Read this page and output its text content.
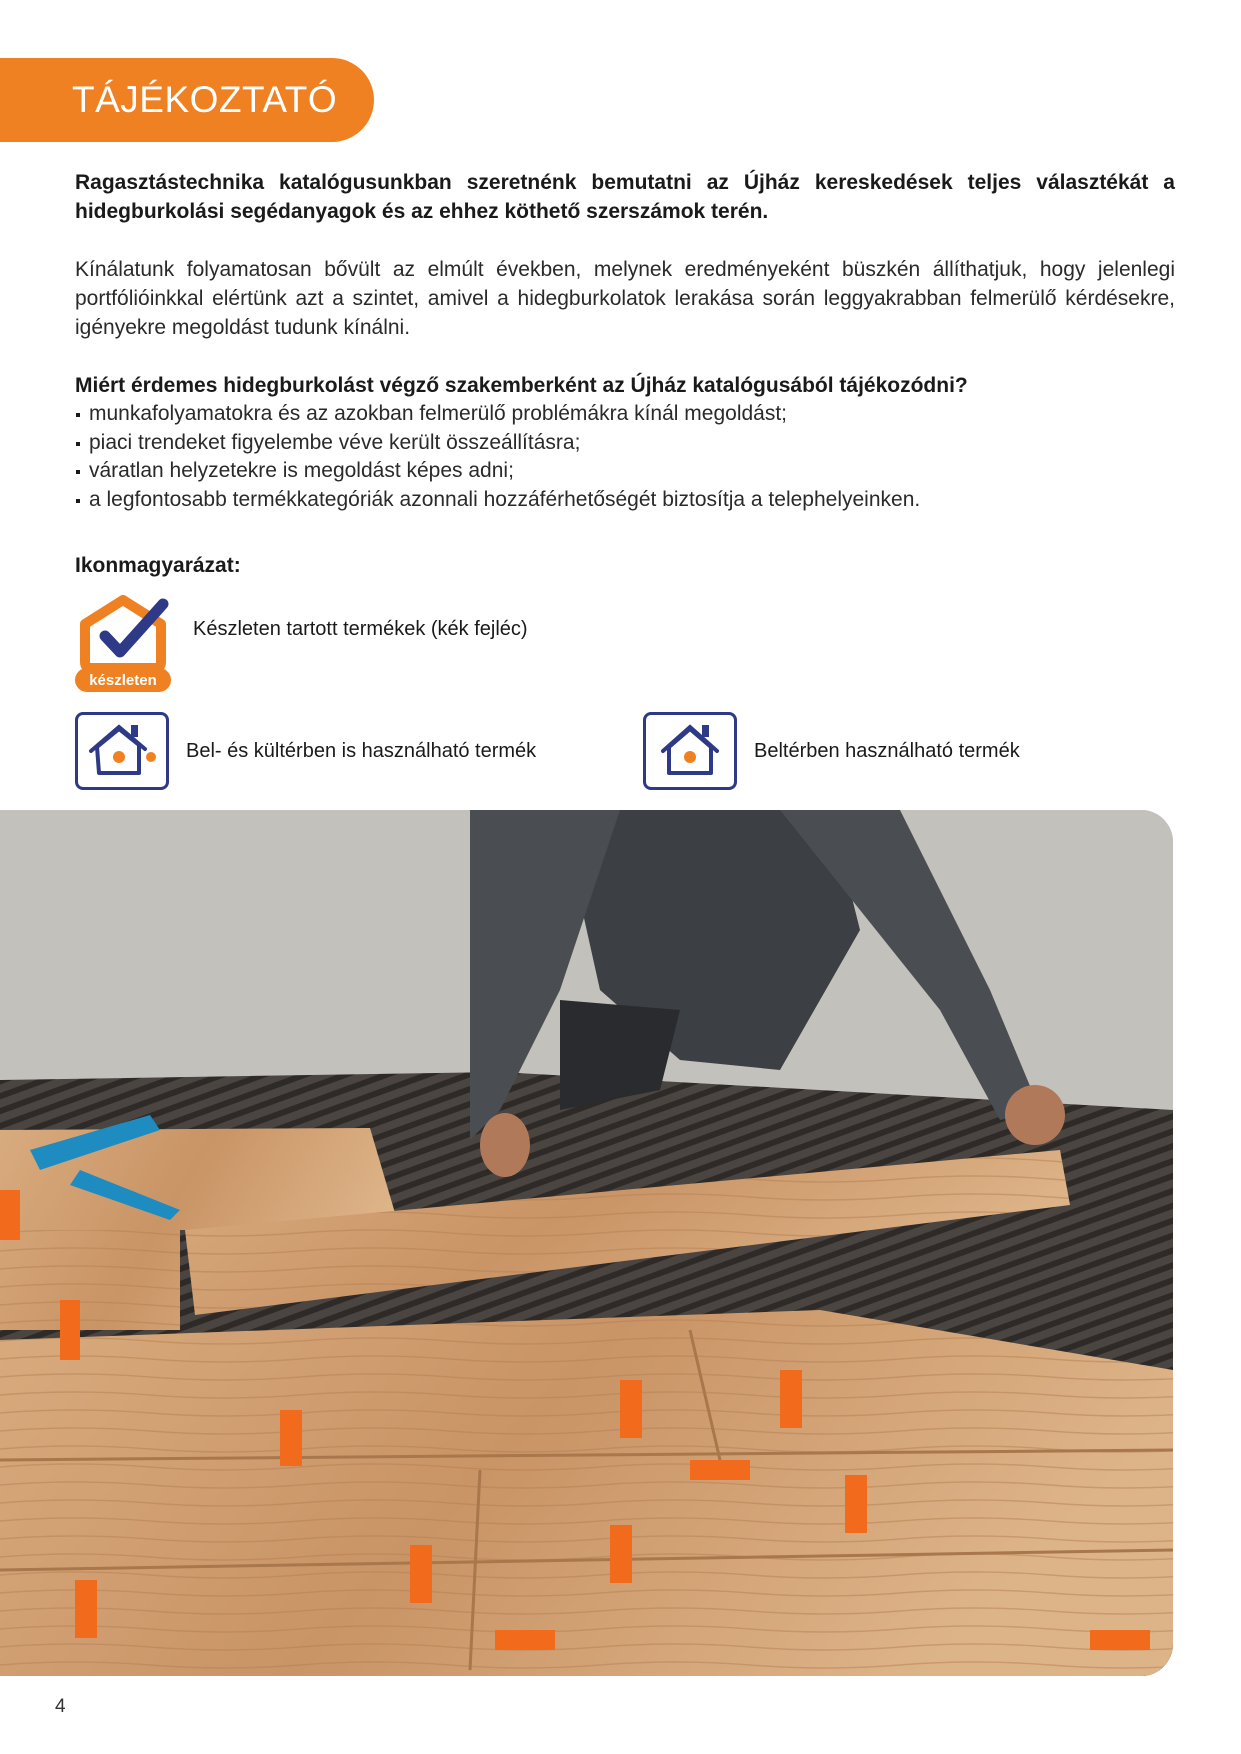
TÁJÉKOZTATÓ

Ragasztástechnika katalógusunkban szeretnénk bemutatni az Újház kereskedések teljes választékát a hidegburkolási segédanyagok és az ehhez köthető szerszámok terén.

Kínálatunk folyamatosan bővült az elmúlt években, melynek eredményeként büszkén állíthatjuk, hogy jelenlegi portfólióinkkal elértünk azt a szintet, amivel a hidegburkolatok lerakása során leggyakrabban felmerülő kérdésekre, igényekre megoldást tudunk kínálni.

Miért érdemes hidegburkolást végző szakemberként az Újház katalógusából tájékozódni?

munkafolyamatokra és az azokban felmerülő problémákra kínál megoldást;
piaci trendeket figyelembe véve került összeállításra;
váratlan helyzetekre is megoldást képes adni;
a legfontosabb termékkategóriák azonnali hozzáférhetőségét biztosítja a telephelyeinken.
Ikonmagyarázat:
készleten
Készleten tartott termékek (kék fejléc)
Bel- és kültérben is használható termék	Beltérben használható termék
4
